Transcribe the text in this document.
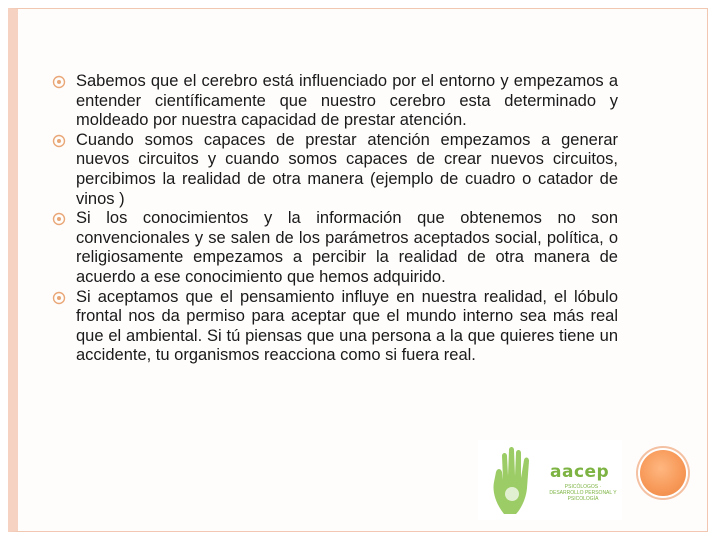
Sabemos que el cerebro está influenciado por el entorno y empezamos a entender científicamente que nuestro cerebro esta determinado y moldeado por nuestra capacidad de prestar atención.
Cuando somos capaces de prestar atención empezamos a generar nuevos circuitos y cuando somos capaces de crear nuevos circuitos, percibimos la realidad de otra manera (ejemplo de cuadro o catador de vinos )
Si los conocimientos y la información que obtenemos no son convencionales y se salen de los parámetros aceptados social, política, o religiosamente empezamos a percibir la realidad de otra manera de acuerdo a ese conocimiento que hemos adquirido.
Si aceptamos que el pensamiento influye en nuestra realidad, el lóbulo frontal nos da permiso para aceptar que el mundo interno sea más real que el ambiental. Si tú piensas que una persona a la que quieres tiene un accidente, tu organismos reacciona como si fuera real.
aacep
PSICÓLOGOS · DESARROLLO PERSONAL Y PSICOLOGÍA
